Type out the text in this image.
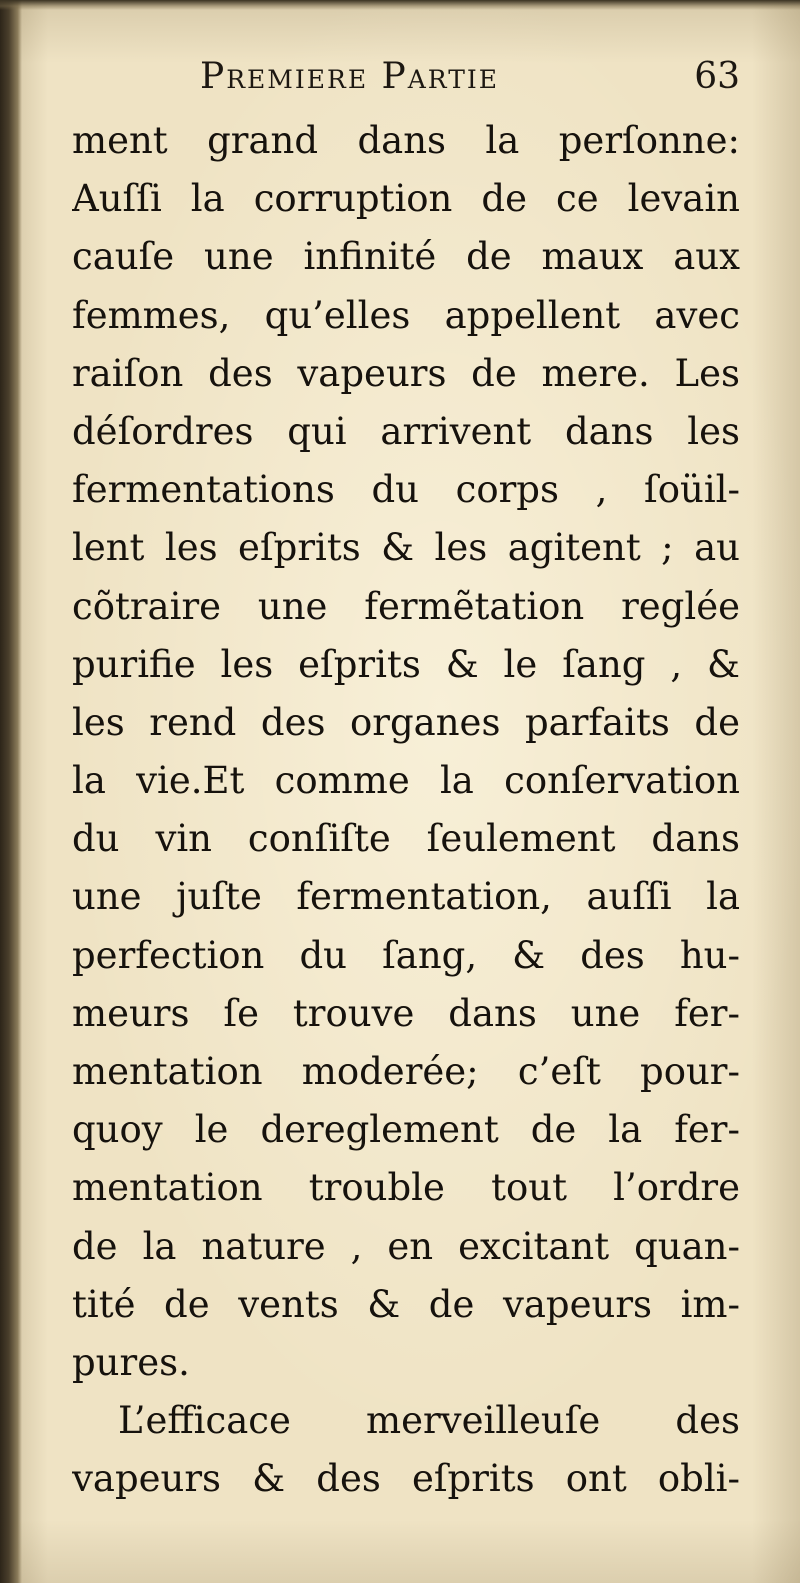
Premiere Partie	63
ment grand dans la perſonne:
Auſſi la corruption de ce levain
cauſe une infinité de maux aux
femmes, qu’elles appellent avec
raiſon des vapeurs de mere. Les
déſordres qui arrivent dans les
fermentations du corps , ſoüil-
lent les eſprits & les agitent ; au
cõtraire une fermẽtation reglée
purifie les eſprits & le ſang , &
les rend des organes parfaits de
la vie.Et comme la conſervation
du vin conſiſte ſeulement dans
une juſte fermentation, auſſi la
perfection du ſang, & des hu-
meurs ſe trouve dans une fer-
mentation moderée; c’eſt pour-
quoy le dereglement de la fer-
mentation trouble tout l’ordre
de la nature , en excitant quan-
tité de vents & de vapeurs im-
pures.
L’efficace merveilleuſe des
vapeurs & des eſprits ont obli-
